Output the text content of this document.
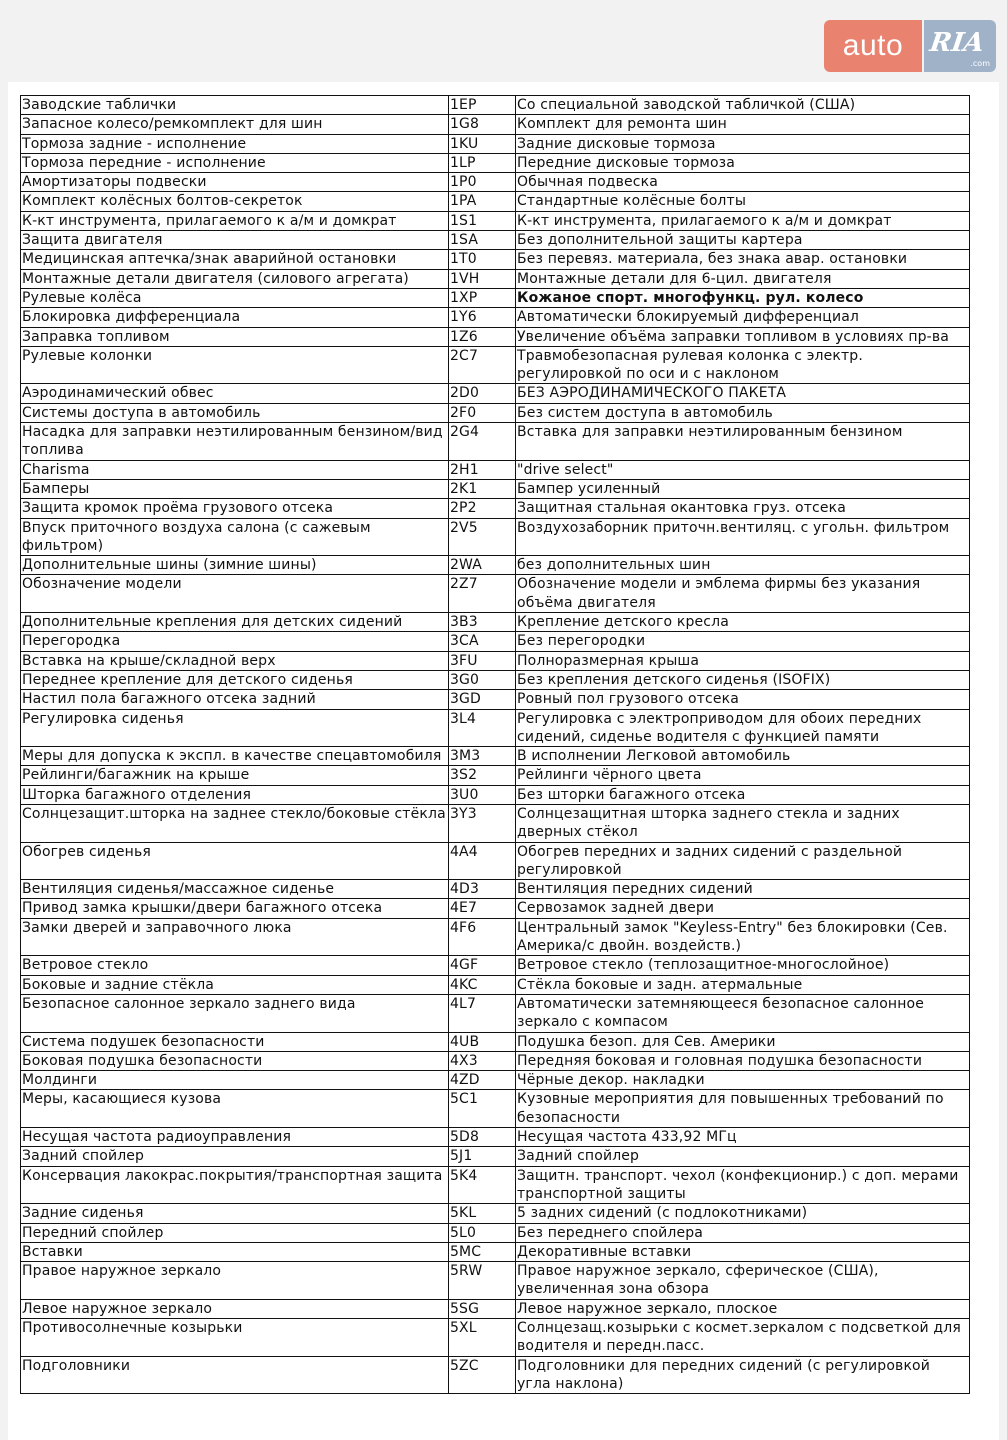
auto RIA
.com
Заводские таблички	1EP	Со специальной заводской табличкой (США)
Запасное колесо/ремкомплект для шин	1G8	Комплект для ремонта шин
Тормоза задние - исполнение	1KU	Задние дисковые тормоза
Тормоза передние - исполнение	1LP	Передние дисковые тормоза
Амортизаторы подвески	1P0	Обычная подвеска
Комплект колёсных болтов-секреток	1PA	Стандартные колёсные болты
К-кт инструмента, прилагаемого к а/м и домкрат	1S1	К-кт инструмента, прилагаемого к а/м и домкрат
Защита двигателя	1SA	Без дополнительной защиты картера
Медицинская аптечка/знак аварийной остановки	1T0	Без перевяз. материала, без знака авар. остановки
Монтажные детали двигателя (силового агрегата)	1VH	Монтажные детали для 6-цил. двигателя
Рулевые колёса	1XP	Кожаное спорт. многофункц. рул. колесо
Блокировка дифференциала	1Y6	Автоматически блокируемый дифференциал
Заправка топливом	1Z6	Увеличение объёма заправки топливом в условиях пр-ва
Рулевые колонки	2C7	Травмобезопасная рулевая колонка с электр. регулировкой по оси и с наклоном
Аэродинамический обвес	2D0	БЕЗ АЭРОДИНАМИЧЕСКОГО ПАКЕТА
Системы доступа в автомобиль	2F0	Без систем доступа в автомобиль
Насадка для заправки неэтилированным бензином/вид топлива	2G4	Вставка для заправки неэтилированным бензином
Charisma	2H1	"drive select"
Бамперы	2K1	Бампер усиленный
Защита кромок проёма грузового отсека	2P2	Защитная стальная окантовка груз. отсека
Впуск приточного воздуха салона (с сажевым фильтром)	2V5	Воздухозаборник приточн.вентиляц. с угольн. фильтром
Дополнительные шины (зимние шины)	2WA	без дополнительных шин
Обозначение модели	2Z7	Обозначение модели и эмблема фирмы без указания объёма двигателя
Дополнительные крепления для детских сидений	3B3	Крепление детского кресла
Перегородка	3CA	Без перегородки
Вставка на крыше/складной верх	3FU	Полноразмерная крыша
Переднее крепление для детского сиденья	3G0	Без крепления детского сиденья (ISOFIX)
Настил пола багажного отсека задний	3GD	Ровный пол грузового отсека
Регулировка сиденья	3L4	Регулировка с электроприводом для обоих передних сидений, сиденье водителя с функцией памяти
Меры для допуска к экспл. в качестве спецавтомобиля	3M3	В исполнении Легковой автомобиль
Рейлинги/багажник на крыше	3S2	Рейлинги чёрного цвета
Шторка багажного отделения	3U0	Без шторки багажного отсека
Солнцезащит.шторка на заднее стекло/боковые стёкла	3Y3	Солнцезащитная шторка заднего стекла и задних дверных стёкол
Обогрев сиденья	4A4	Обогрев передних и задних сидений с раздельной регулировкой
Вентиляция сиденья/массажное сиденье	4D3	Вентиляция передних сидений
Привод замка крышки/двери багажного отсека	4E7	Сервозамок задней двери
Замки дверей и заправочного люка	4F6	Центральный замок "Keyless-Entry" без блокировки (Сев. Америка/с двойн. воздейств.)
Ветровое стекло	4GF	Ветровое стекло (теплозащитное-многослойное)
Боковые и задние стёкла	4KC	Стёкла боковые и задн. атермальные
Безопасное салонное зеркало заднего вида	4L7	Автоматически затемняющееся безопасное салонное зеркало с компасом
Система подушек безопасности	4UB	Подушка безоп. для Сев. Америки
Боковая подушка безопасности	4X3	Передняя боковая и головная подушка безопасности
Молдинги	4ZD	Чёрные декор. накладки
Меры, касающиеся кузова	5C1	Кузовные мероприятия для повышенных требований по безопасности
Несущая частота радиоуправления	5D8	Несущая частота 433,92 МГц
Задний спойлер	5J1	Задний спойлер
Консервация лакокрас.покрытия/транспортная защита	5K4	Защитн. транспорт. чехол (конфекционир.) с доп. мерами транспортной защиты
Задние сиденья	5KL	5 задних сидений (с подлокотниками)
Передний спойлер	5L0	Без переднего спойлера
Вставки	5MC	Декоративные вставки
Правое наружное зеркало	5RW	Правое наружное зеркало, сферическое (США), увеличенная зона обзора
Левое наружное зеркало	5SG	Левое наружное зеркало, плоское
Противосолнечные козырьки	5XL	Солнцезащ.козырьки с космет.зеркалом с подсветкой для водителя и передн.пасс.
Подголовники	5ZC	Подголовники для передних сидений (с регулировкой угла наклона)
